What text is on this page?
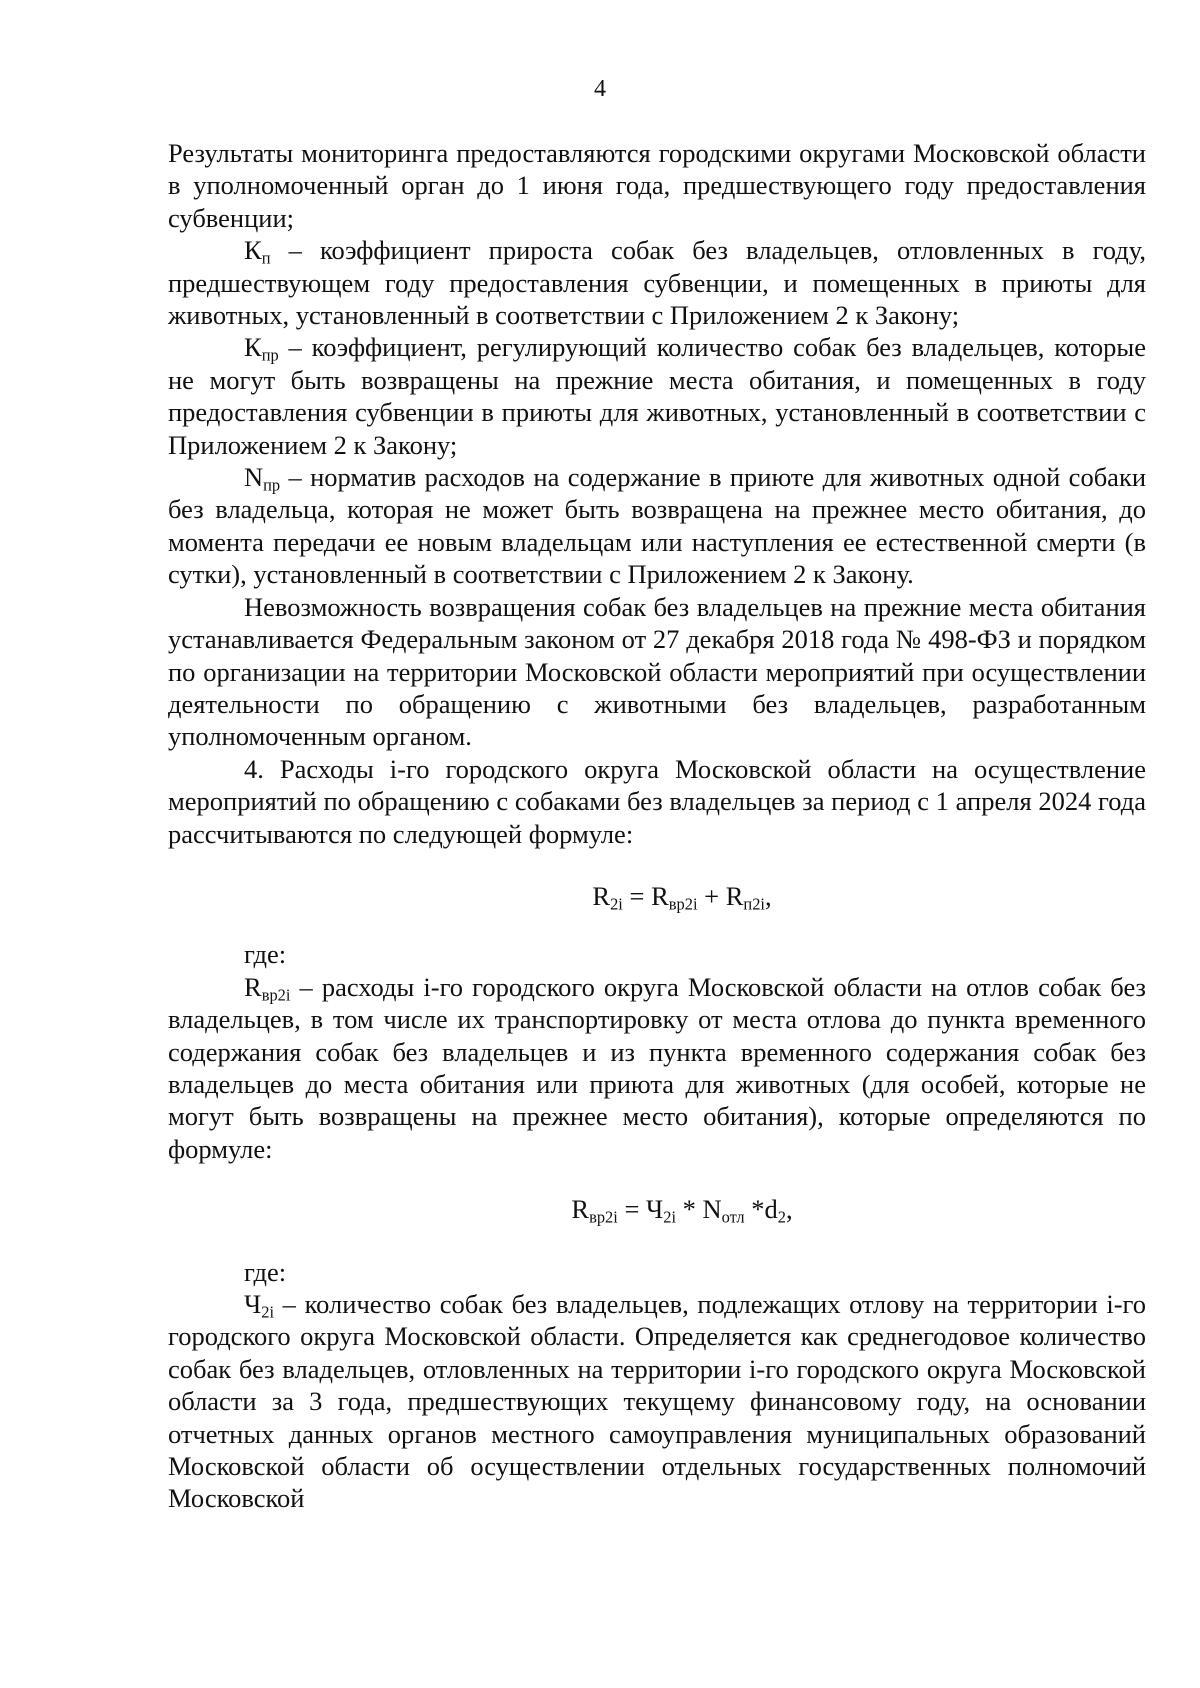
4

Результаты мониторинга предоставляются городскими округами Московской области в уполномоченный орган до 1 июня года, предшествующего году предоставления субвенции;

$К_п$ – коэффициент прироста собак без владельцев, отловленных в году, предшествующем году предоставления субвенции, и помещенных в приюты для животных, установленный в соответствии с Приложением 2 к Закону;

$К_{пр}$ – коэффициент, регулирующий количество собак без владельцев, которые не могут быть возвращены на прежние места обитания, и помещенных в году предоставления субвенции в приюты для животных, установленный в соответствии с Приложением 2 к Закону;

$N_{пр}$ – норматив расходов на содержание в приюте для животных одной собаки без владельца, которая не может быть возвращена на прежнее место обитания, до момента передачи ее новым владельцам или наступления ее естественной смерти (в сутки), установленный в соответствии с Приложением 2 к Закону.

Невозможность возвращения собак без владельцев на прежние места обитания устанавливается Федеральным законом от 27 декабря 2018 года № 498-ФЗ и порядком по организации на территории Московской области мероприятий при осуществлении деятельности по обращению с животными без владельцев, разработанным уполномоченным органом.

4. Расходы i-го городского округа Московской области на осуществление мероприятий по обращению с собаками без владельцев за период с 1 апреля 2024 года рассчитываются по следующей формуле:

$R_{2i} = R_{вр2i} + R_{п2i}$,

где:

$R_{вр2i}$ – расходы i-го городского округа Московской области на отлов собак без владельцев, в том числе их транспортировку от места отлова до пункта временного содержания собак без владельцев и из пункта временного содержания собак без владельцев до места обитания или приюта для животных (для особей, которые не могут быть возвращены на прежнее место обитания), которые определяются по формуле:

$R_{вр2i} = Ч_{2i} * N_{отл}$ $*d_2$,

где:

$Ч_{2i}$ – количество собак без владельцев, подлежащих отлову на территории i-го городского округа Московской области. Определяется как среднегодовое количество собак без владельцев, отловленных на территории i-го городского округа Московской области за 3 года, предшествующих текущему финансовому году, на основании отчетных данных органов местного самоуправления муниципальных образований Московской области об осуществлении отдельных государственных полномочий Московской
